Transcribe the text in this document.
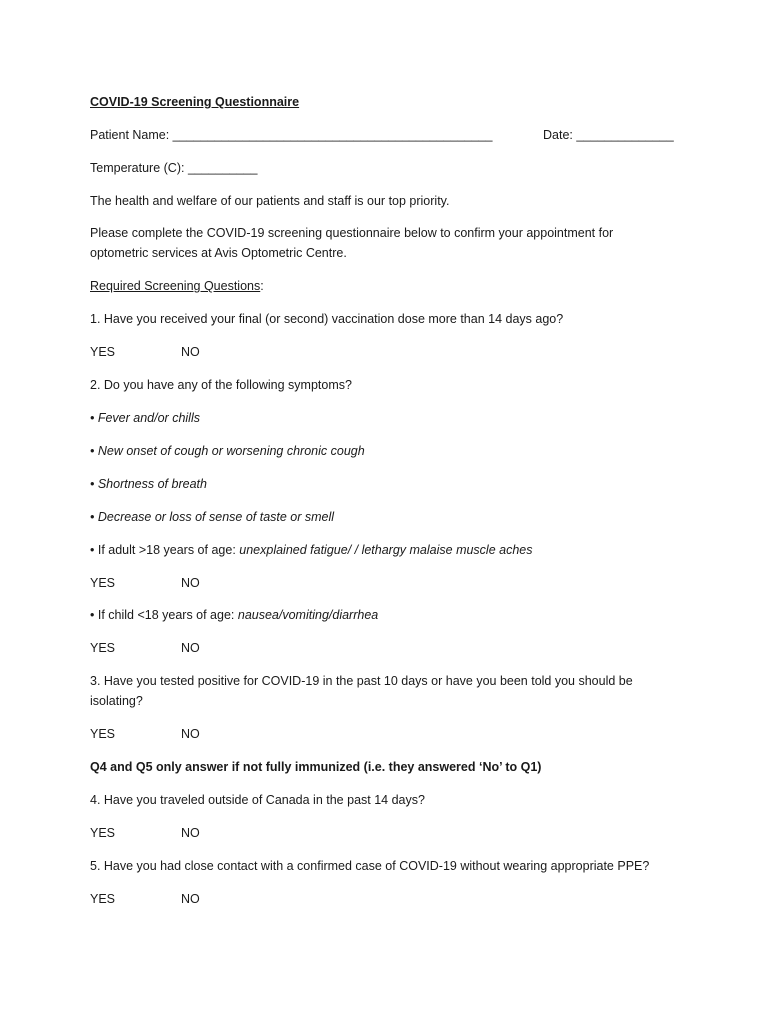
COVID-19 Screening Questionnaire
Patient Name: ______________________________________________	Date: ______________
Temperature (C): __________
The health and welfare of our patients and staff is our top priority.
Please complete the COVID-19 screening questionnaire below to confirm your appointment for optometric services at Avis Optometric Centre.
Required Screening Questions:
1. Have you received your final (or second) vaccination dose more than 14 days ago?
YES	NO
2. Do you have any of the following symptoms?
• Fever and/or chills
• New onset of cough or worsening chronic cough
• Shortness of breath
• Decrease or loss of sense of taste or smell
• If adult >18 years of age: unexplained fatigue/ / lethargy malaise muscle aches
YES	NO
• If child <18 years of age: nausea/vomiting/diarrhea
YES	NO
3. Have you tested positive for COVID-19 in the past 10 days or have you been told you should be isolating?
YES	NO
Q4 and Q5 only answer if not fully immunized (i.e. they answered ‘No’ to Q1)
4. Have you traveled outside of Canada in the past 14 days?
YES	NO
5. Have you had close contact with a confirmed case of COVID-19 without wearing appropriate PPE?
YES	NO
